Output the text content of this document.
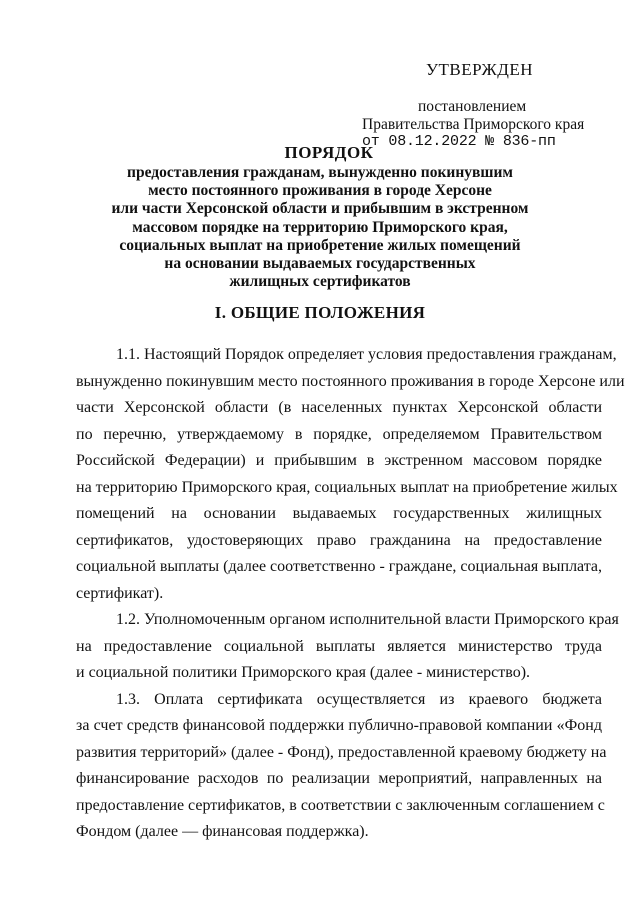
УТВЕРЖДЕН
постановлением
Правительства Приморского края
от 08.12.2022 № 836-пп
ПОРЯДОК
предоставления гражданам, вынужденно покинувшим
место постоянного проживания в городе Херсоне
или части Херсонской области и прибывшим в экстренном
массовом порядке на территорию Приморского края,
социальных выплат на приобретение жилых помещений
на основании выдаваемых государственных
жилищных сертификатов
I. ОБЩИЕ ПОЛОЖЕНИЯ
1.1. Настоящий Порядок определяет условия предоставления гражданам,
вынужденно покинувшим место постоянного проживания в городе Херсоне или
части Херсонской области (в населенных пунктах Херсонской области
по перечню, утверждаемому в порядке, определяемом Правительством
Российской Федерации) и прибывшим в экстренном массовом порядке
на территорию Приморского края, социальных выплат на приобретение жилых
помещений на основании выдаваемых государственных жилищных
сертификатов, удостоверяющих право гражданина на предоставление
социальной выплаты (далее соответственно - граждане, социальная выплата,
сертификат).
1.2. Уполномоченным органом исполнительной власти Приморского края
на предоставление социальной выплаты является министерство труда
и социальной политики Приморского края (далее - министерство).
1.3. Оплата сертификата осуществляется из краевого бюджета
за счет средств финансовой поддержки публично-правовой компании «Фонд
развития территорий» (далее - Фонд), предоставленной краевому бюджету на
финансирование расходов по реализации мероприятий, направленных на
предоставление сертификатов, в соответствии с заключенным соглашением с
Фондом (далее — финансовая поддержка).
